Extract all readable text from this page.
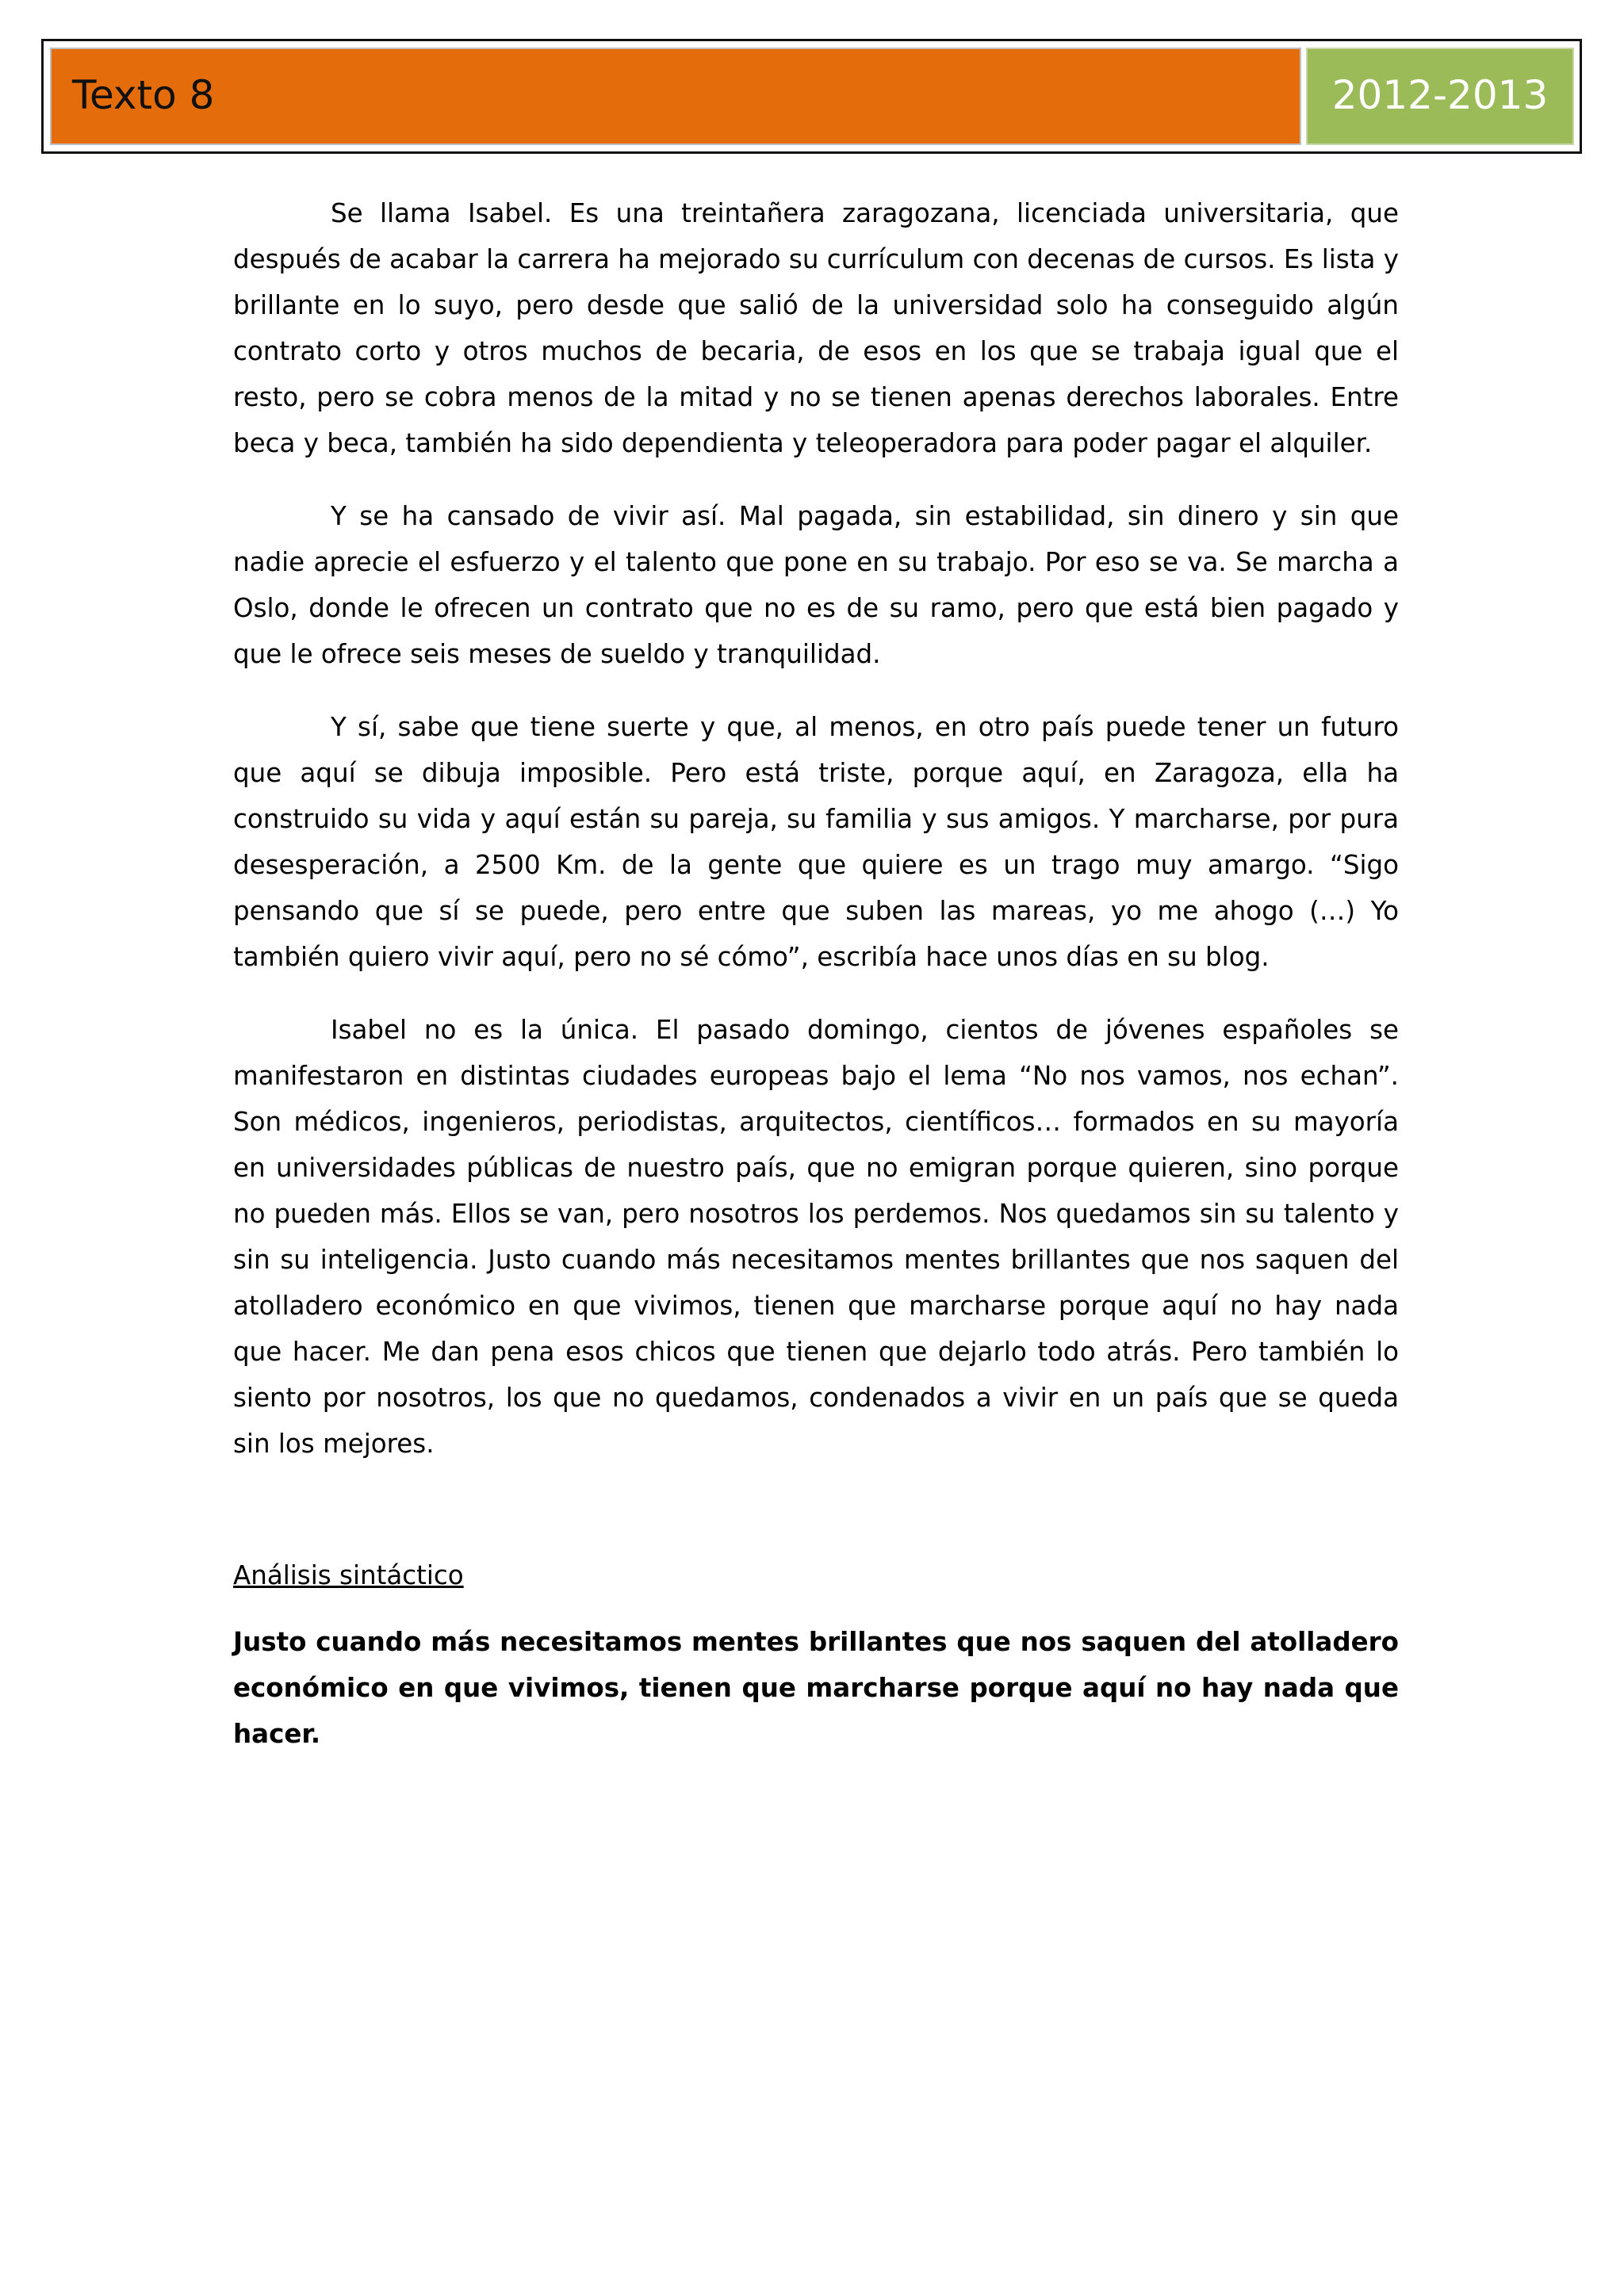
Texto 8	2012-2013

Se llama Isabel. Es una treintañera zaragozana, licenciada universitaria, que después de acabar la carrera ha mejorado su currículum con decenas de cursos. Es lista y brillante en lo suyo, pero desde que salió de la universidad solo ha conseguido algún contrato corto y otros muchos de becaria, de esos en los que se trabaja igual que el resto, pero se cobra menos de la mitad y no se tienen apenas derechos laborales. Entre beca y beca, también ha sido dependienta y teleoperadora para poder pagar el alquiler.

Y se ha cansado de vivir así. Mal pagada, sin estabilidad, sin dinero y sin que nadie aprecie el esfuerzo y el talento que pone en su trabajo. Por eso se va. Se marcha a Oslo, donde le ofrecen un contrato que no es de su ramo, pero que está bien pagado y que le ofrece seis meses de sueldo y tranquilidad.

Y sí, sabe que tiene suerte y que, al menos, en otro país puede tener un futuro que aquí se dibuja imposible. Pero está triste, porque aquí, en Zaragoza, ella ha construido su vida y aquí están su pareja, su familia y sus amigos. Y marcharse, por pura desesperación, a 2500 Km. de la gente que quiere es un trago muy amargo. “Sigo pensando que sí se puede, pero entre que suben las mareas, yo me ahogo (…) Yo también quiero vivir aquí, pero no sé cómo”, escribía hace unos días en su blog.

Isabel no es la única. El pasado domingo, cientos de jóvenes españoles se manifestaron en distintas ciudades europeas bajo el lema “No nos vamos, nos echan”. Son médicos, ingenieros, periodistas, arquitectos, científicos… formados en su mayoría en universidades públicas de nuestro país, que no emigran porque quieren, sino porque no pueden más. Ellos se van, pero nosotros los perdemos. Nos quedamos sin su talento y sin su inteligencia. Justo cuando más necesitamos mentes brillantes que nos saquen del atolladero económico en que vivimos, tienen que marcharse porque aquí no hay nada que hacer. Me dan pena esos chicos que tienen que dejarlo todo atrás. Pero también lo siento por nosotros, los que no quedamos, condenados a vivir en un país que se queda sin los mejores.

Análisis sintáctico

Justo cuando más necesitamos mentes brillantes que nos saquen del atolladero económico en que vivimos, tienen que marcharse porque aquí no hay nada que hacer.
